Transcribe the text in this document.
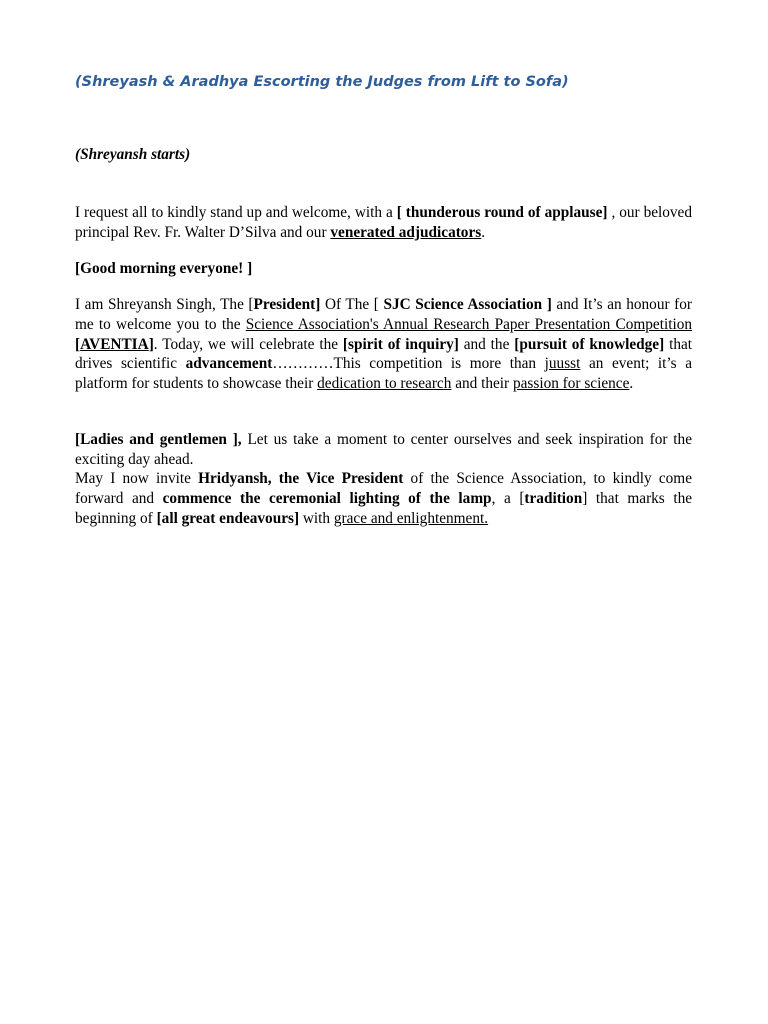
(Shreyash & Aradhya Escorting the Judges from Lift to Sofa)
(Shreyansh starts)

I request all to kindly stand up and welcome, with a [ thunderous round of applause] , our beloved principal Rev. Fr. Walter D’Silva and our venerated adjudicators.

[Good morning everyone! ]

I am Shreyansh Singh, The [President] Of The [ SJC Science Association ] and It’s an honour for me to welcome you to the Science Association's Annual Research Paper Presentation Competition [AVENTIA]. Today, we will celebrate the [spirit of inquiry] and the [pursuit of knowledge] that drives scientific advancement…………This competition is more than juusst an event; it’s a platform for students to showcase their dedication to research and their passion for science.

[Ladies and gentlemen ], Let us take a moment to center ourselves and seek inspiration for the exciting day ahead.

May I now invite Hridyansh, the Vice President of the Science Association, to kindly come forward and commence the ceremonial lighting of the lamp, a [tradition] that marks the beginning of [all great endeavours] with grace and enlightenment.
